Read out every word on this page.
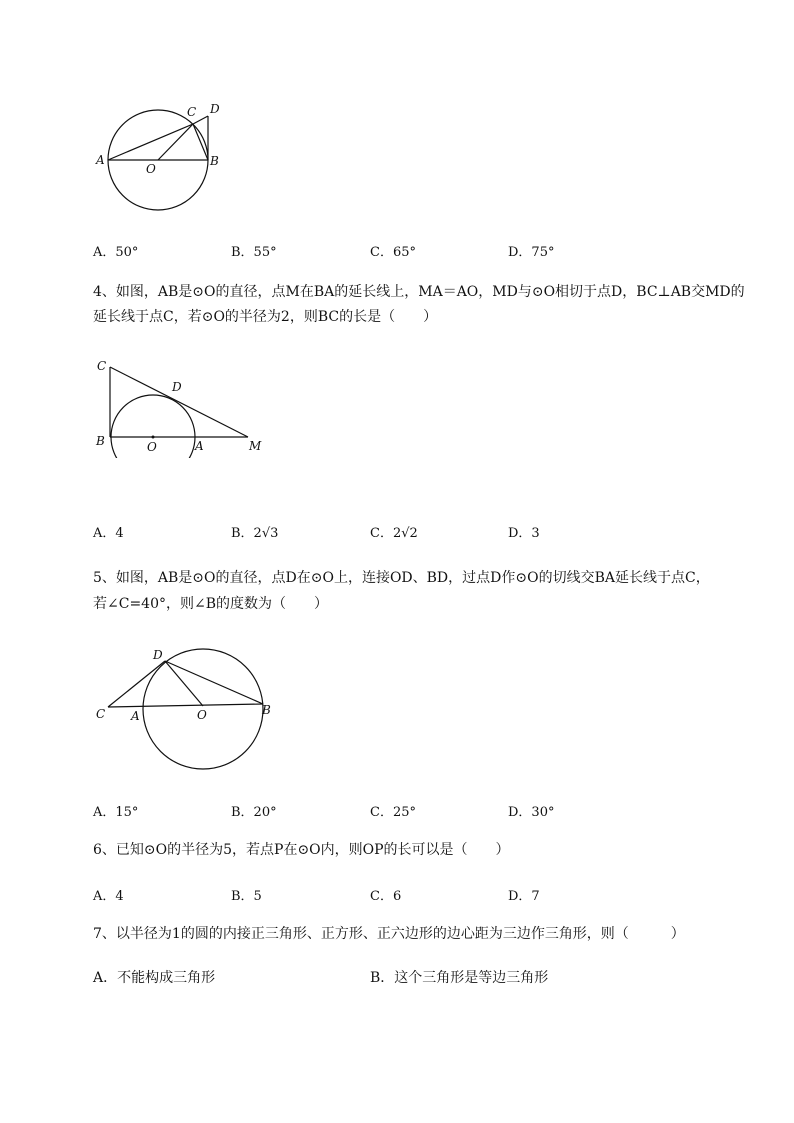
A	B
C D
O
A．50°	B．55°	C．65°	D．75°
4、如图，AB是⊙O的直径，点M在BA的延长线上，MA＝AO，MD与⊙O相切于点D，BC⊥AB交MD的
延长线于点C，若⊙O的半径为2，则BC的长是（　　）
C
D
B	O	A	M
A．4	B．2√3	C．2√2	D．3
5、如图，AB是⊙O的直径，点D在⊙O上，连接OD、BD，过点D作⊙O的切线交BA延长线于点C，
若∠C=40°，则∠B的度数为（　　）
D
C A	O	B
A．15°	B．20°	C．25°	D．30°
6、已知⊙O的半径为5，若点P在⊙O内，则OP的长可以是（　　）
A．4	B．5	C．6	D．7
7、以半径为1的圆的内接正三角形、正方形、正六边形的边心距为三边作三角形，则（　　　）
A．不能构成三角形	B．这个三角形是等边三角形
